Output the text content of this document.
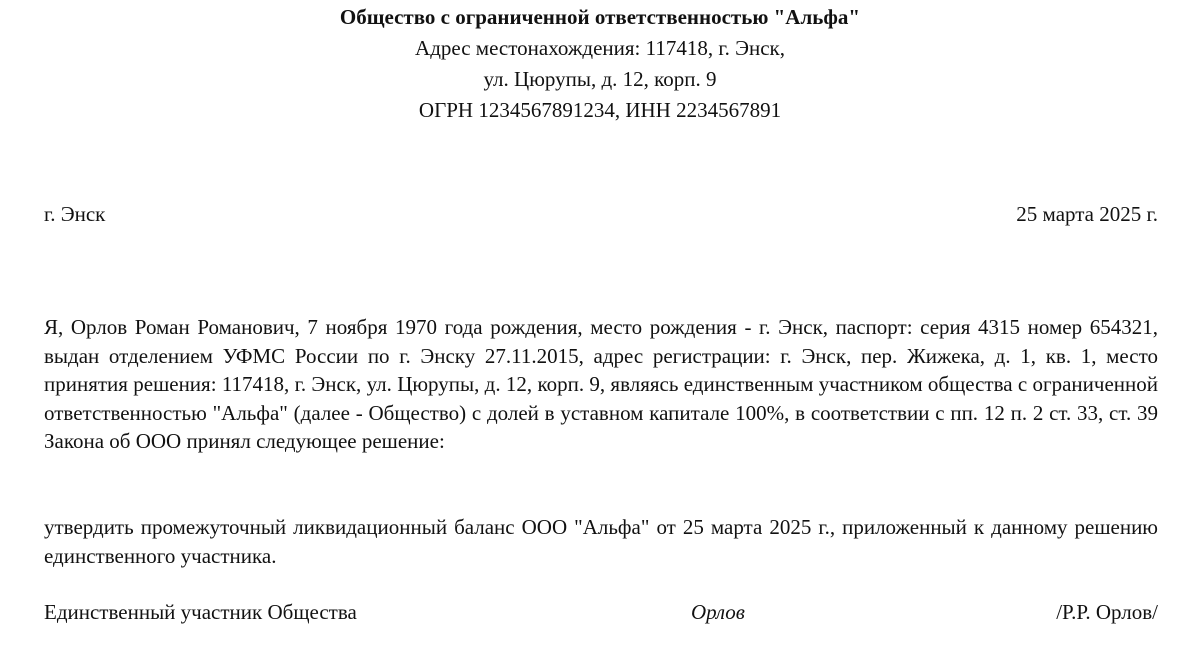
Общество с ограниченной ответственностью "Альфа"
Адрес местонахождения: 117418, г. Энск,
ул. Цюрупы, д. 12, корп. 9
ОГРН 1234567891234, ИНН 2234567891
г. Энск	25 марта 2025 г.

Я, Орлов Роман Романович, 7 ноября 1970 года рождения, место рождения - г. Энск, паспорт: серия 4315 номер 654321, выдан отделением УФМС России по г. Энску 27.11.2015, адрес регистрации: г. Энск, пер. Жижека, д. 1, кв. 1, место принятия решения: 117418, г. Энск, ул. Цюрупы, д. 12, корп. 9, являясь единственным участником общества с ограниченной ответственностью "Альфа" (далее - Общество) с долей в уставном капитале 100%, в соответствии с пп. 12 п. 2 ст. 33, ст. 39 Закона об ООО принял следующее решение:

утвердить промежуточный ликвидационный баланс ООО "Альфа" от 25 марта 2025 г., приложенный к данному решению единственного участника.

Единственный участник Общества	Орлов	/Р.Р. Орлов/
